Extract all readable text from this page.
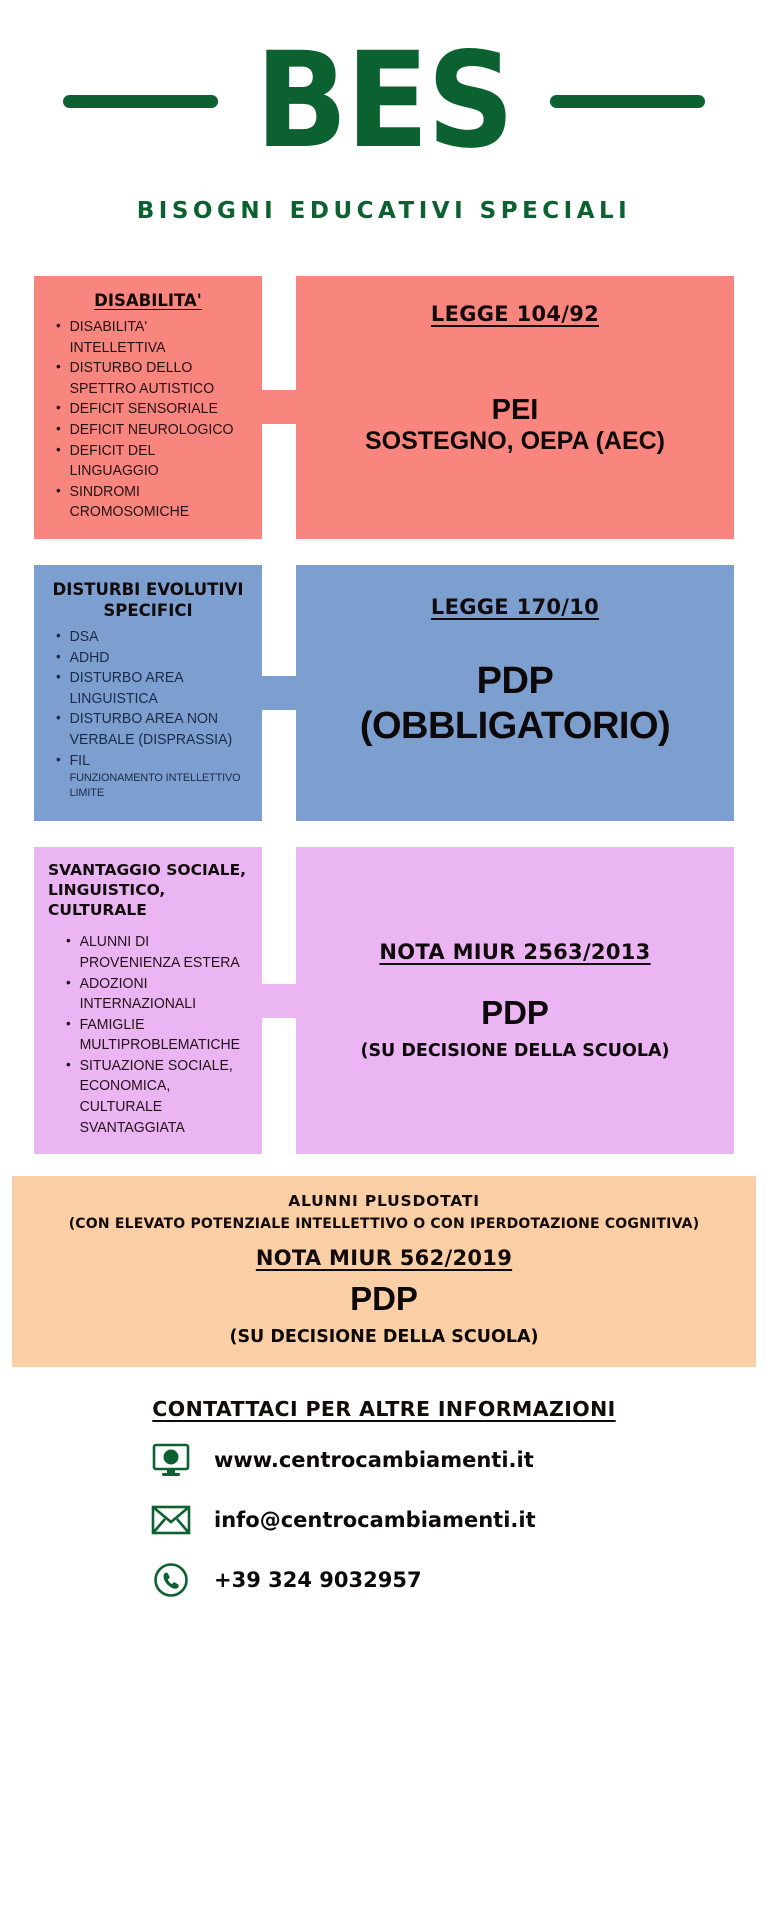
BES
BISOGNI EDUCATIVI SPECIALI
DISABILITA'
• DISABILITA' INTELLETTIVA
• DISTURBO DELLO SPETTRO AUTISTICO
• DEFICIT SENSORIALE
• DEFICIT NEUROLOGICO
• DEFICIT DEL LINGUAGGIO
• SINDROMI CROMOSOMICHE
LEGGE 104/92
PEI
SOSTEGNO, OEPA (AEC)
DISTURBI EVOLUTIVI SPECIFICI
• DSA
• ADHD
• DISTURBO AREA LINGUISTICA
• DISTURBO AREA NON VERBALE (DISPRASSIA)
• FIL
FUNZIONAMENTO INTELLETTIVO LIMITE
LEGGE 170/10
PDP
(OBBLIGATORIO)
SVANTAGGIO SOCIALE, LINGUISTICO, CULTURALE
• ALUNNI DI PROVENIENZA ESTERA
• ADOZIONI INTERNAZIONALI
• FAMIGLIE MULTIPROBLEMATICHE
• SITUAZIONE SOCIALE, ECONOMICA, CULTURALE SVANTAGGIATA
NOTA MIUR 2563/2013
PDP
(SU DECISIONE DELLA SCUOLA)
ALUNNI PLUSDOTATI
(CON ELEVATO POTENZIALE INTELLETTIVO O CON IPERDOTAZIONE COGNITIVA)
NOTA MIUR 562/2019
PDP
(SU DECISIONE DELLA SCUOLA)
CONTATTACI PER ALTRE INFORMAZIONI
www.centrocambiamenti.it
info@centrocambiamenti.it
+39 324 9032957
